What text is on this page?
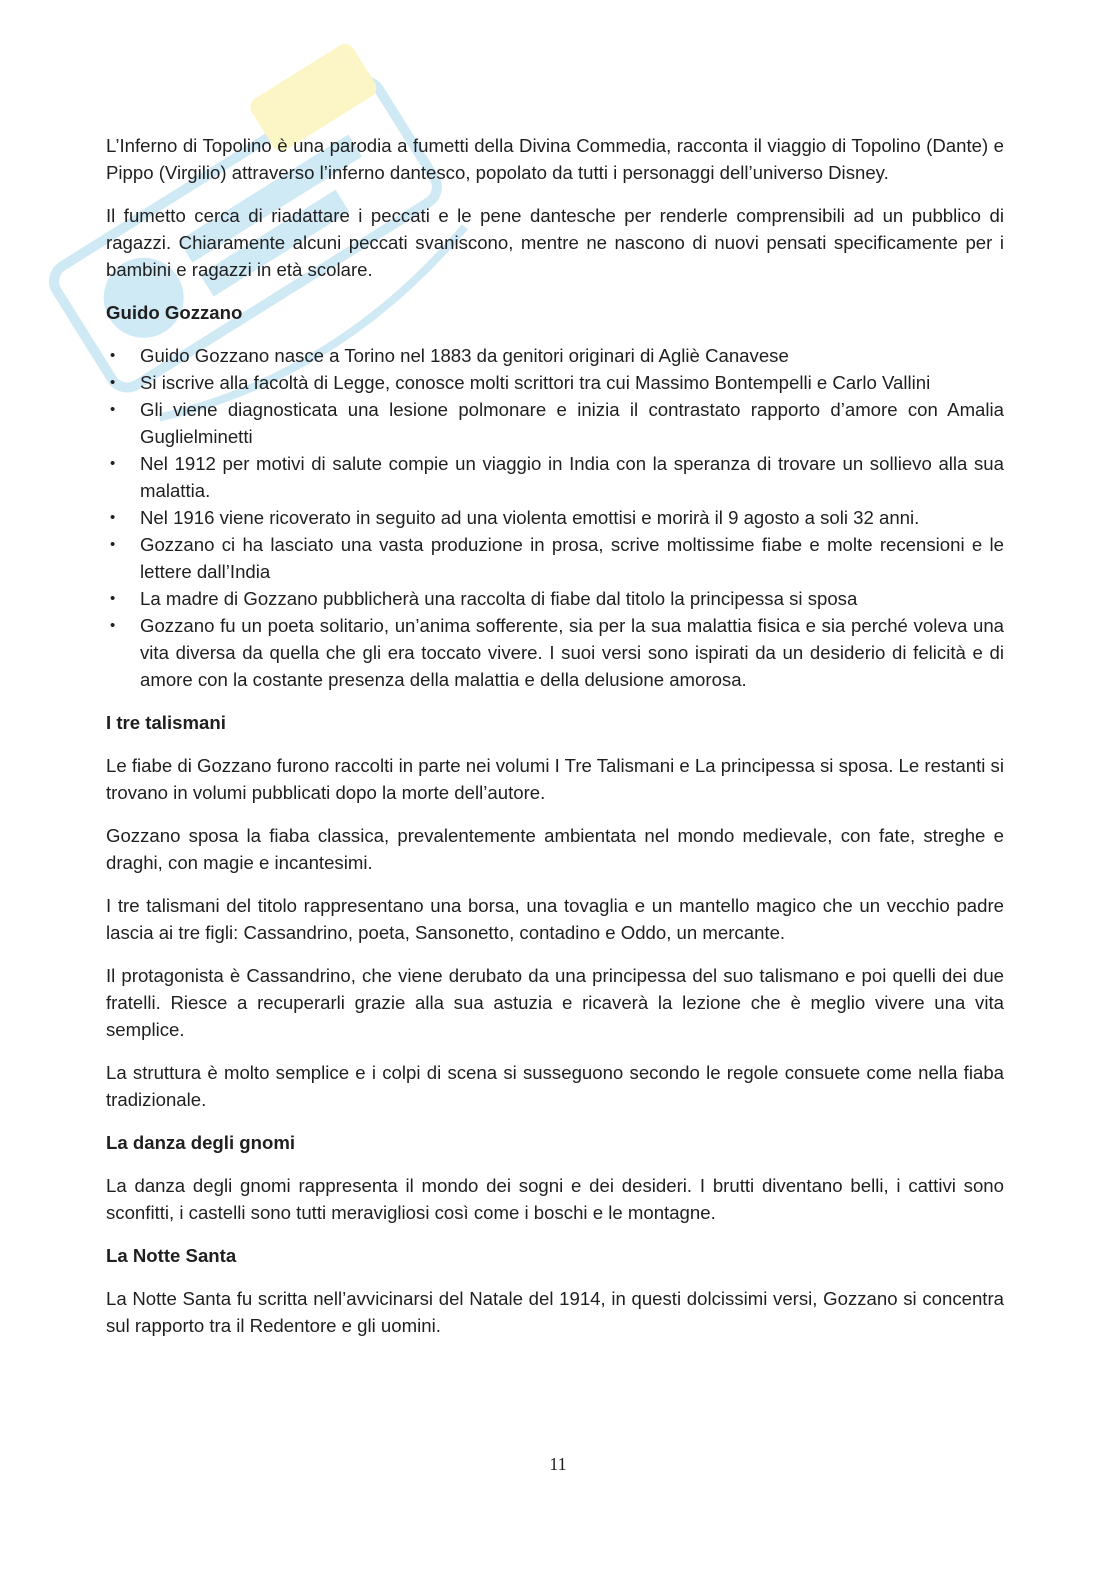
L’Inferno di Topolino è una parodia a fumetti della Divina Commedia, racconta il viaggio di Topolino (Dante) e Pippo (Virgilio) attraverso l’inferno dantesco, popolato da tutti i personaggi dell’universo Disney.

Il fumetto cerca di riadattare i peccati e le pene dantesche per renderle comprensibili ad un pubblico di ragazzi. Chiaramente alcuni peccati svaniscono, mentre ne nascono di nuovi pensati specificamente per i bambini e ragazzi in età scolare.

Guido Gozzano
• Guido Gozzano nasce a Torino nel 1883 da genitori originari di Agliè Canavese
• Si iscrive alla facoltà di Legge, conosce molti scrittori tra cui Massimo Bontempelli e Carlo Vallini
• Gli viene diagnosticata una lesione polmonare e inizia il contrastato rapporto d’amore con Amalia Guglielminetti
• Nel 1912 per motivi di salute compie un viaggio in India con la speranza di trovare un sollievo alla sua malattia.
• Nel 1916 viene ricoverato in seguito ad una violenta emottisi e morirà il 9 agosto a soli 32 anni.
• Gozzano ci ha lasciato una vasta produzione in prosa, scrive moltissime fiabe e molte recensioni e le lettere dall’India
• La madre di Gozzano pubblicherà una raccolta di fiabe dal titolo la principessa si sposa
• Gozzano fu un poeta solitario, un’anima sofferente, sia per la sua malattia fisica e sia perché voleva una vita diversa da quella che gli era toccato vivere. I suoi versi sono ispirati da un desiderio di felicità e di amore con la costante presenza della malattia e della delusione amorosa.
I tre talismani

Le fiabe di Gozzano furono raccolti in parte nei volumi I Tre Talismani e La principessa si sposa. Le restanti si trovano in volumi pubblicati dopo la morte dell’autore.

Gozzano sposa la fiaba classica, prevalentemente ambientata nel mondo medievale, con fate, streghe e draghi, con magie e incantesimi.

I tre talismani del titolo rappresentano una borsa, una tovaglia e un mantello magico che un vecchio padre lascia ai tre figli: Cassandrino, poeta, Sansonetto, contadino e Oddo, un mercante.

Il protagonista è Cassandrino, che viene derubato da una principessa del suo talismano e poi quelli dei due fratelli. Riesce a recuperarli grazie alla sua astuzia e ricaverà la lezione che è meglio vivere una vita semplice.

La struttura è molto semplice e i colpi di scena si susseguono secondo le regole consuete come nella fiaba tradizionale.

La danza degli gnomi

La danza degli gnomi rappresenta il mondo dei sogni e dei desideri. I brutti diventano belli, i cattivi sono sconfitti, i castelli sono tutti meravigliosi così come i boschi e le montagne.

La Notte Santa

La Notte Santa fu scritta nell’avvicinarsi del Natale del 1914, in questi dolcissimi versi, Gozzano si concentra sul rapporto tra il Redentore e gli uomini.

11
